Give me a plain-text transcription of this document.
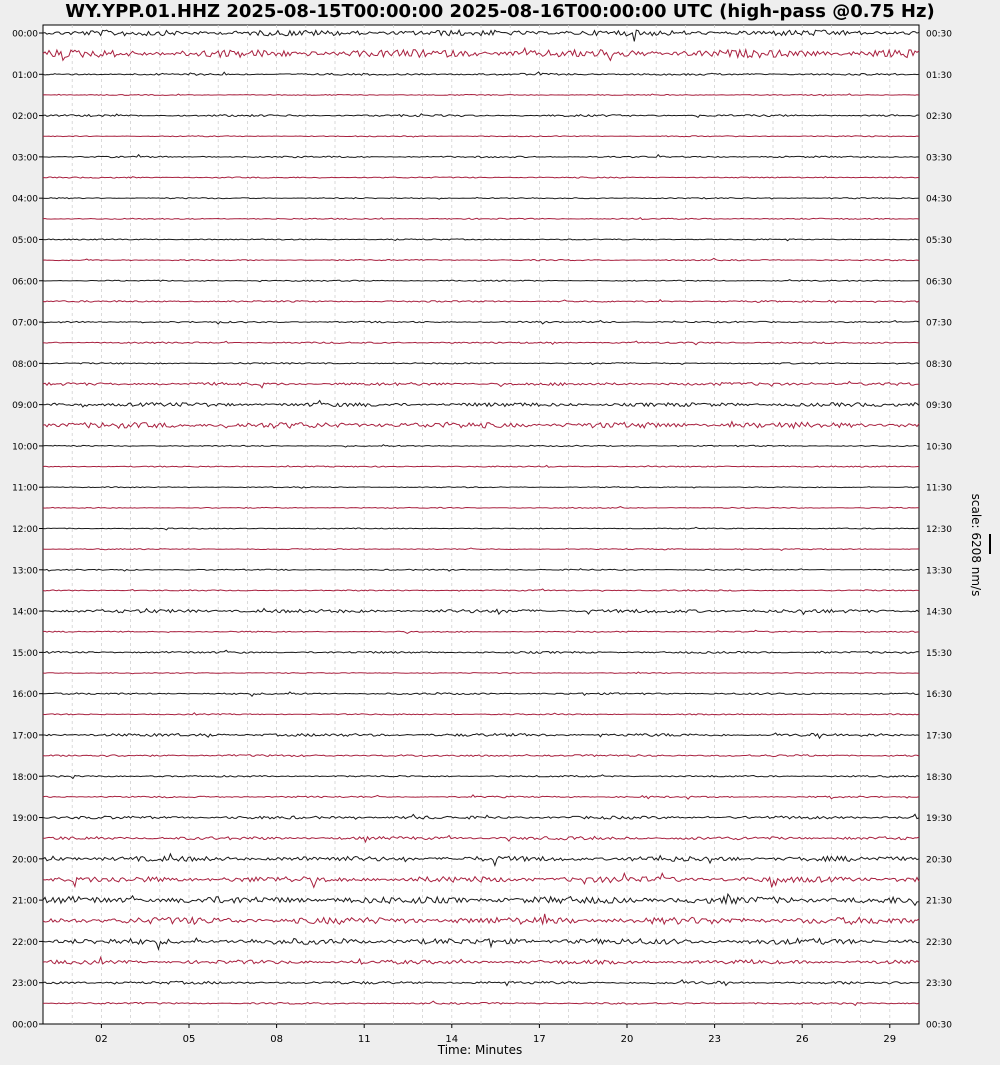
WY.YPP.01.HHZ 2025-08-15T00:00:00 2025-08-16T00:00:00 UTC (high-pass @0.75 Hz)
02	05	08	11	14	17	20	23	26	29
00:00
01:00
02:00
03:00
04:00
05:00
06:00
07:00
08:00
09:00
10:00
11:00
12:00
13:00
14:00
15:00
16:00
17:00
18:00
19:00
20:00
21:00
22:00
23:00
00:00
00:30
01:30
02:30
03:30
04:30
05:30
06:30
07:30
08:30
09:30
10:30
11:30
12:30
13:30
14:30
15:30
16:30
17:30
18:30
19:30
20:30
21:30
22:30
23:30
00:30
Time: Minutes
scale: 6208 nm/s
